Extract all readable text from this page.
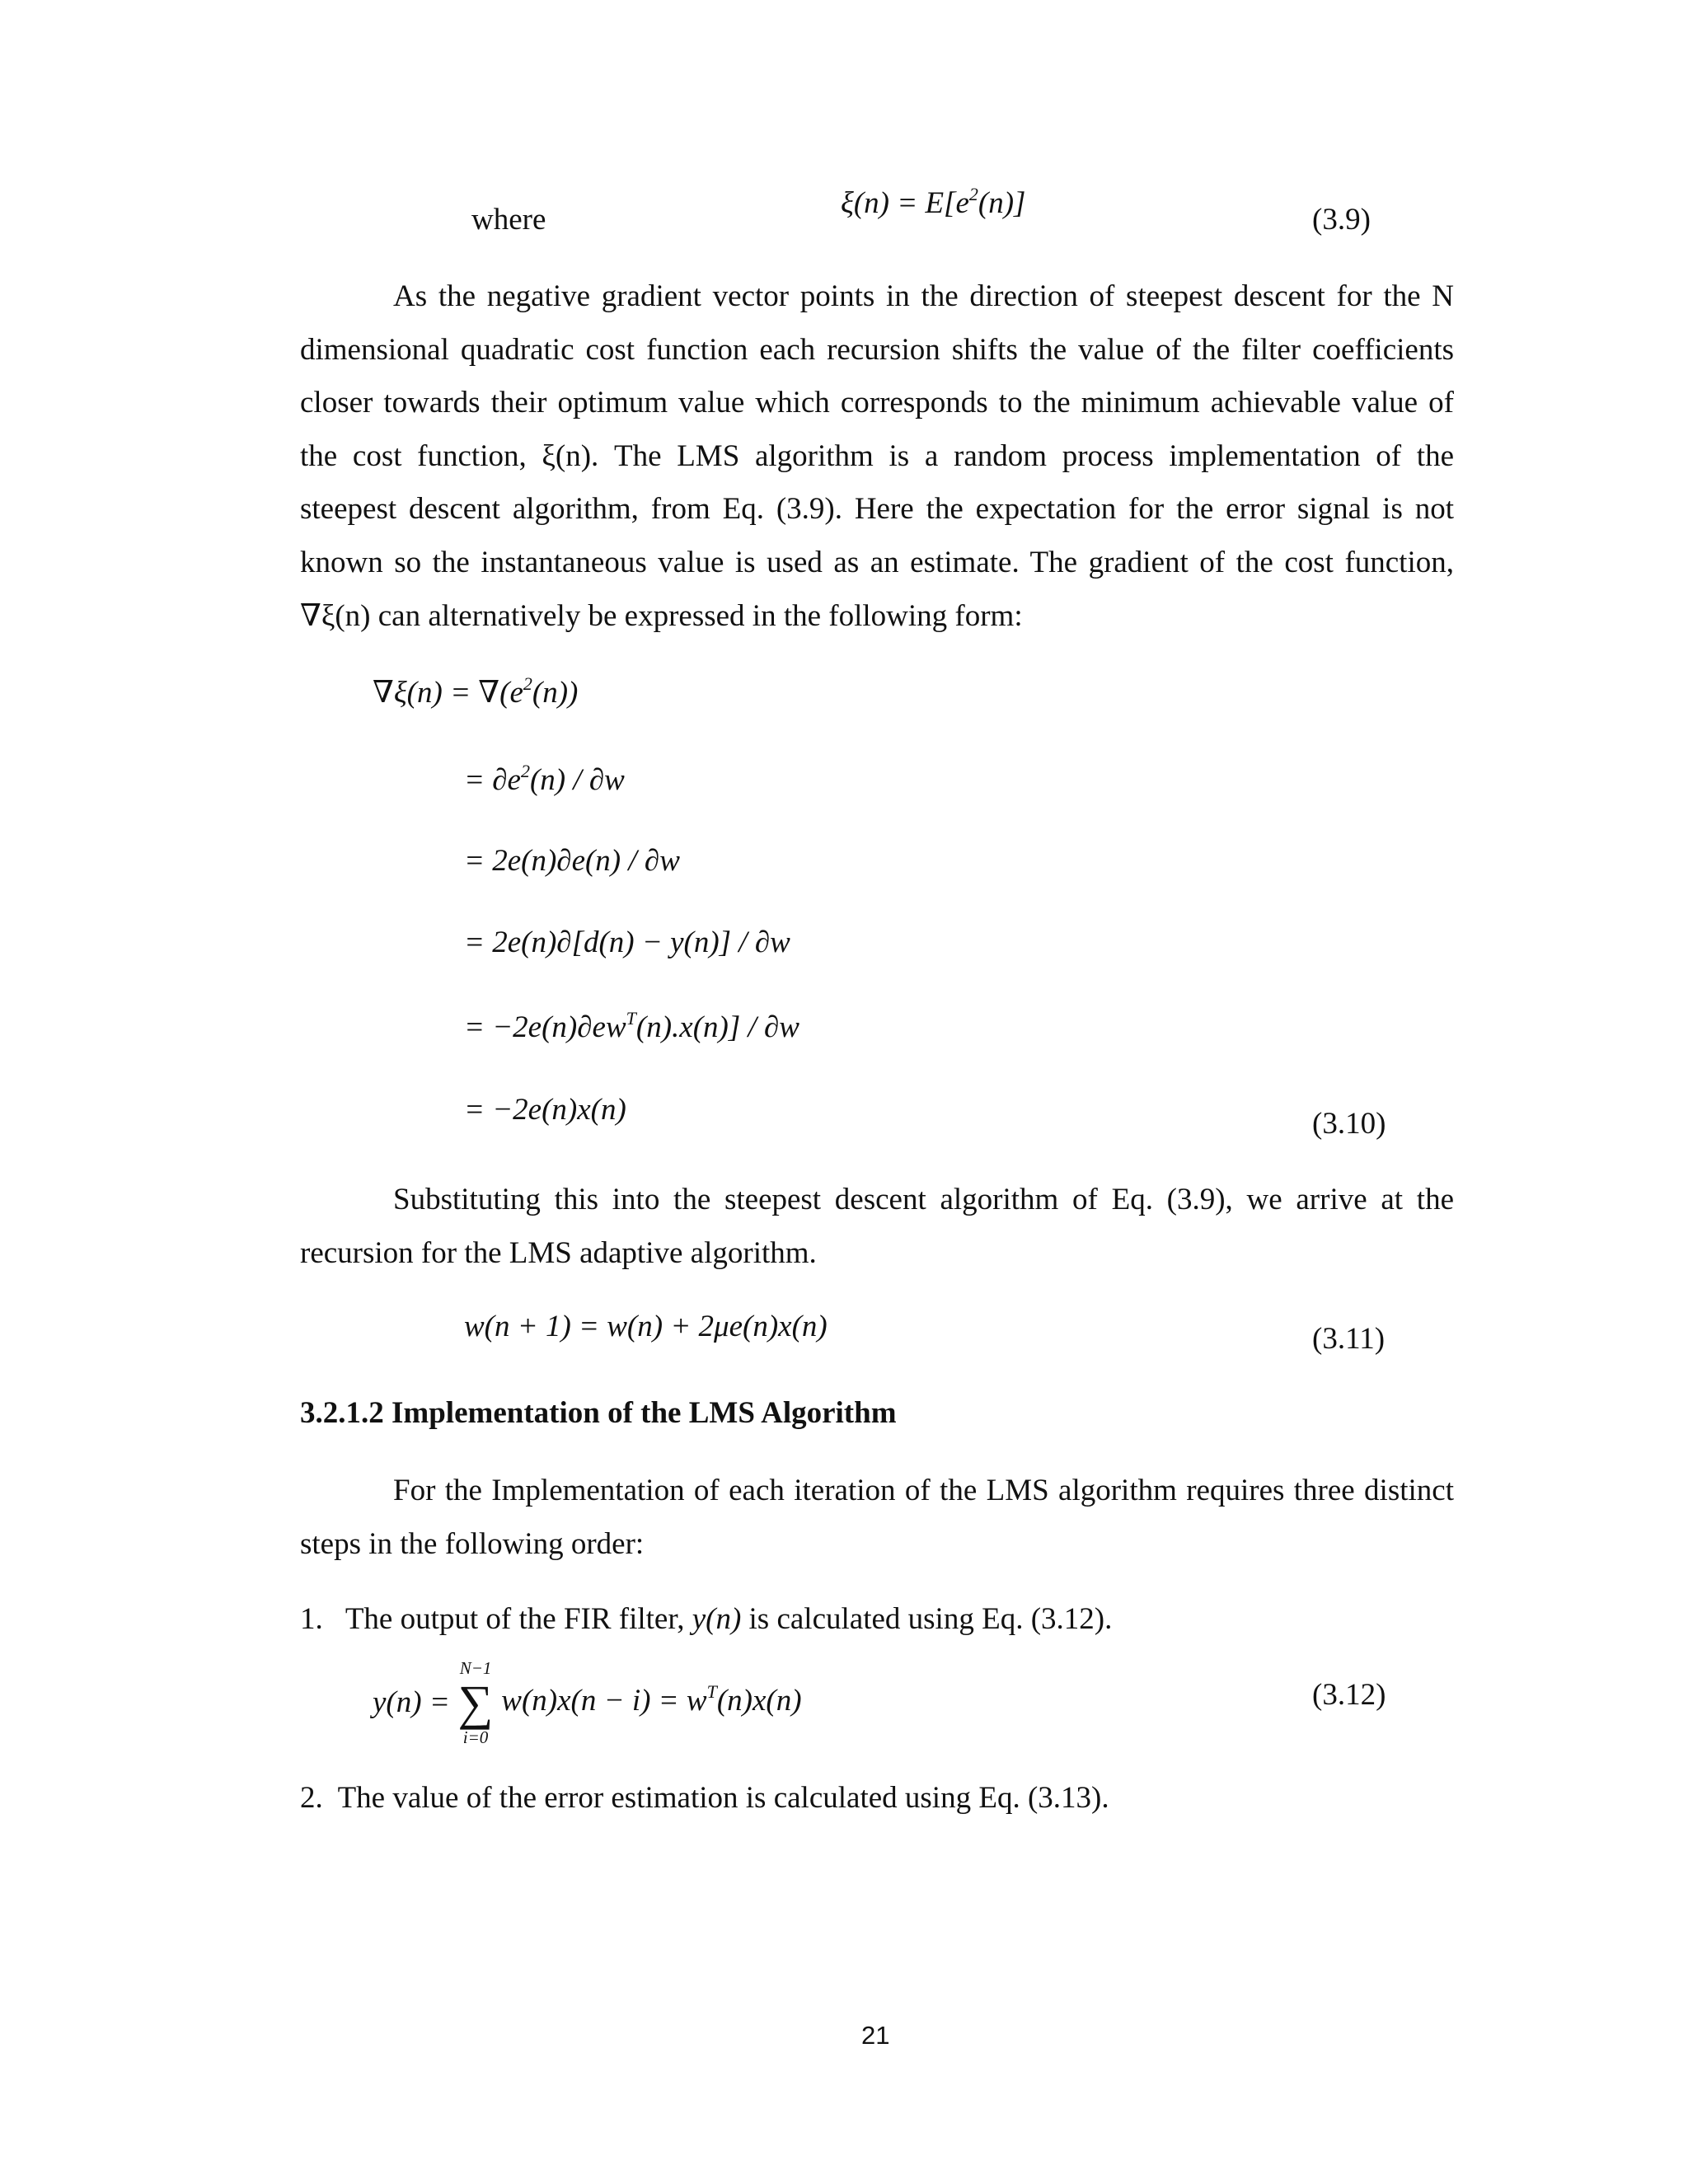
where	$\xi(n) = E[e^2(n)]$	(3.9)

As the negative gradient vector points in the direction of steepest descent for the N dimensional quadratic cost function each recursion shifts the value of the filter coefficients closer towards their optimum value which corresponds to the minimum achievable value of the cost function, ξ(n). The LMS algorithm is a random process implementation of the steepest descent algorithm, from Eq. (3.9). Here the expectation for the error signal is not known so the instantaneous value is used as an estimate. The gradient of the cost function, ∇ξ(n) can alternatively be expressed in the following form:

$\nabla\xi(n) = \nabla(e^2(n))$
= $\partial e^2(n) / \partial w$
= 2e(n)∂e(n) / ∂w
= 2e(n)∂[d(n) − y(n)] / ∂w
= $-2e(n)\partial ew^T(n).x(n)] / \partial w$
= −2e(n)x(n)	(3.10)

Substituting this into the steepest descent algorithm of Eq. (3.9), we arrive at the recursion for the LMS adaptive algorithm.

w(n + 1) = w(n) + 2μe(n)x(n)	(3.11)
3.2.1.2 Implementation of the LMS Algorithm

For the Implementation of each iteration of the LMS algorithm requires three distinct steps in the following order:

1.   The output of the FIR filter, y(n) is calculated using Eq. (3.12).
y(n) =
N−1
∑
i=0
$w(n)x(n - i) = w^T(n)x(n)$	(3.12)
2.  The value of the error estimation is calculated using Eq. (3.13).
21
